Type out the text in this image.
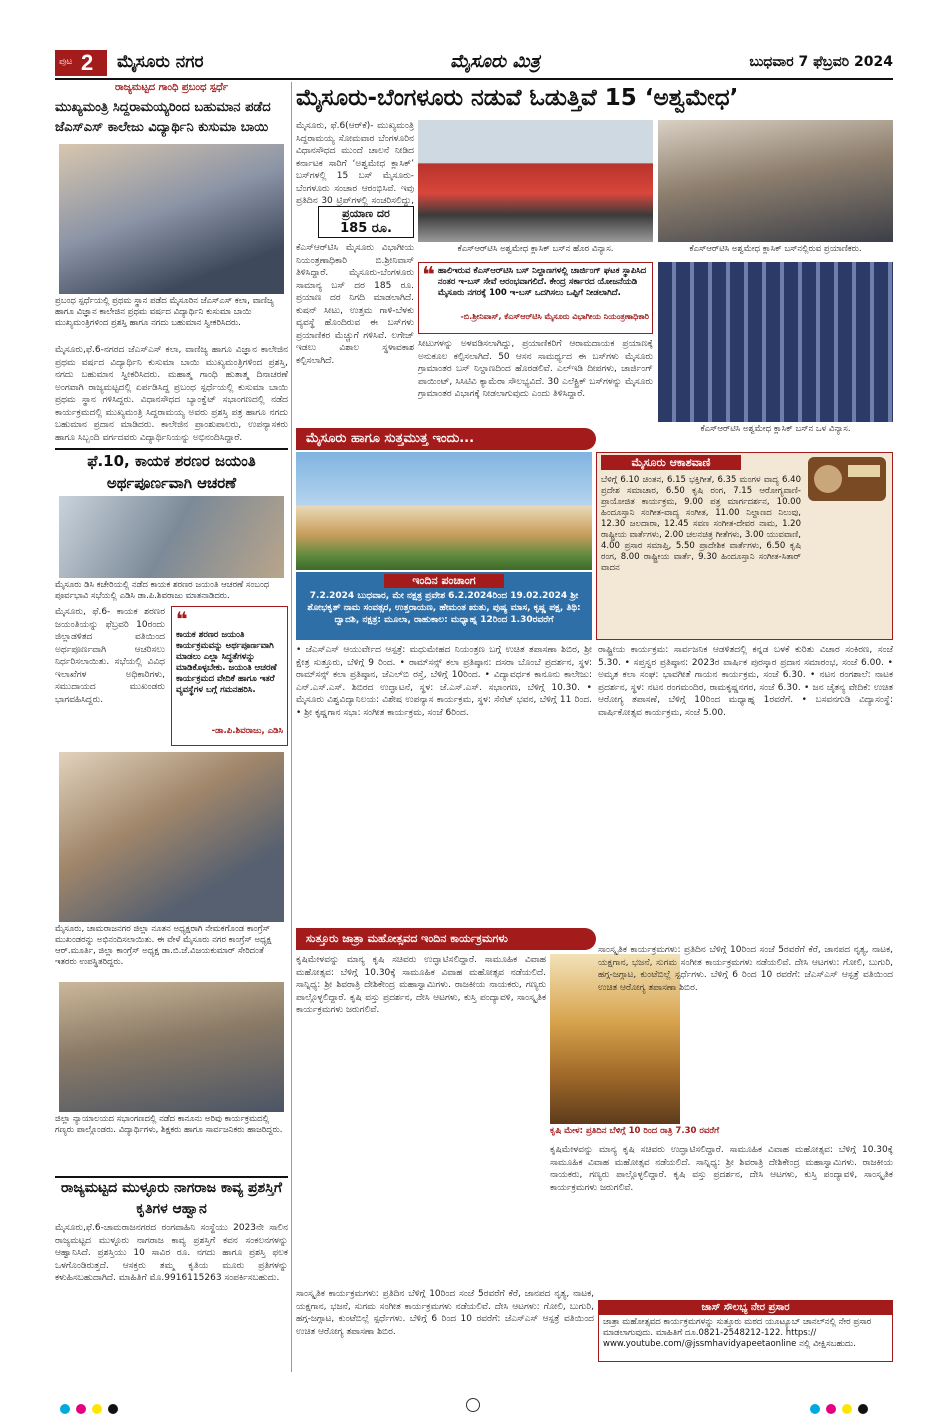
ಪುಟ 2 ಮೈಸೂರು ನಗರ	ಮೈಸೂರು ಮಿತ್ರ	ಬುಧವಾರ 7 ಫೆಬ್ರವರಿ 2024
ರಾಜ್ಯಮಟ್ಟದ ಗಾಂಧಿ ಪ್ರಬಂಧ ಸ್ಪರ್ಧೆ
ಮುಖ್ಯಮಂತ್ರಿ ಸಿದ್ದರಾಮಯ್ಯರಿಂದ ಬಹುಮಾನ ಪಡೆದ ಜೆಎಸ್‌ಎಸ್ ಕಾಲೇಜು ವಿದ್ಯಾರ್ಥಿನಿ ಕುಸುಮಾ ಬಾಯಿ
ಪ್ರಬಂಧ ಸ್ಪರ್ಧೆಯಲ್ಲಿ ಪ್ರಥಮ ಸ್ಥಾನ ಪಡೆದ ಮೈಸೂರಿನ ಜೆಎಸ್‌ಎಸ್ ಕಲಾ, ವಾಣಿಜ್ಯ ಹಾಗೂ ವಿಜ್ಞಾನ ಕಾಲೇಜಿನ ಪ್ರಥಮ ವರ್ಷದ ವಿದ್ಯಾರ್ಥಿನಿ ಕುಸುಮಾ ಬಾಯಿ ಮುಖ್ಯಮಂತ್ರಿಗಳಿಂದ ಪ್ರಶಸ್ತಿ ಹಾಗೂ ನಗದು ಬಹುಮಾನ ಸ್ವೀಕರಿಸಿದರು.
ಮೈಸೂರು,ಫೆ.6-ನಗರದ ಜೆಎಸ್‌ಎಸ್ ಕಲಾ, ವಾಣಿಜ್ಯ ಹಾಗೂ ವಿಜ್ಞಾನ ಕಾಲೇಜಿನ ಪ್ರಥಮ ವರ್ಷದ ವಿದ್ಯಾರ್ಥಿನಿ ಕುಸುಮಾ ಬಾಯಿ ಮುಖ್ಯಮಂತ್ರಿಗಳಿಂದ ಪ್ರಶಸ್ತಿ, ನಗದು ಬಹುಮಾನ ಸ್ವೀಕರಿಸಿದರು. ಮಹಾತ್ಮ ಗಾಂಧಿ ಹುತಾತ್ಮ ದಿನಾಚರಣೆ ಅಂಗವಾಗಿ ರಾಜ್ಯಮಟ್ಟದಲ್ಲಿ ಏರ್ಪಡಿಸಿದ್ದ ಪ್ರಬಂಧ ಸ್ಪರ್ಧೆಯಲ್ಲಿ ಕುಸುಮಾ ಬಾಯಿ ಪ್ರಥಮ ಸ್ಥಾನ ಗಳಿಸಿದ್ದರು. ವಿಧಾನಸೌಧದ ಬ್ಯಾಂಕ್ವೆಟ್ ಸಭಾಂಗಣದಲ್ಲಿ ನಡೆದ ಕಾರ್ಯಕ್ರಮದಲ್ಲಿ ಮುಖ್ಯಮಂತ್ರಿ ಸಿದ್ದರಾಮಯ್ಯ ಅವರು ಪ್ರಶಸ್ತಿ ಪತ್ರ ಹಾಗೂ ನಗದು ಬಹುಮಾನ ಪ್ರದಾನ ಮಾಡಿದರು. ಕಾಲೇಜಿನ ಪ್ರಾಂಶುಪಾಲರು, ಉಪನ್ಯಾಸಕರು ಹಾಗೂ ಸಿಬ್ಬಂದಿ ವರ್ಗದವರು ವಿದ್ಯಾರ್ಥಿನಿಯನ್ನು ಅಭಿನಂದಿಸಿದ್ದಾರೆ.
ಫೆ.10, ಕಾಯಕ ಶರಣರ ಜಯಂತಿ ಅರ್ಥಪೂರ್ಣವಾಗಿ ಆಚರಣೆ
ಮೈಸೂರು ಡಿಸಿ ಕಚೇರಿಯಲ್ಲಿ ನಡೆದ ಕಾಯಕ ಶರಣರ ಜಯಂತಿ ಆಚರಣೆ ಸಂಬಂಧ ಪೂರ್ವಭಾವಿ ಸಭೆಯಲ್ಲಿ ಎಡಿಸಿ ಡಾ.ಪಿ.ಶಿವರಾಜು ಮಾತನಾಡಿದರು.
ಮೈಸೂರು, ಫೆ.6- ಕಾಯಕ ಶರಣರ ಜಯಂತಿಯನ್ನು ಫೆಬ್ರವರಿ 10ರಂದು ಜಿಲ್ಲಾಡಳಿತದ ವತಿಯಿಂದ ಅರ್ಥಪೂರ್ಣವಾಗಿ ಆಚರಿಸಲು ನಿರ್ಧರಿಸಲಾಯಿತು. ಸಭೆಯಲ್ಲಿ ವಿವಿಧ ಇಲಾಖೆಗಳ ಅಧಿಕಾರಿಗಳು, ಸಮುದಾಯದ ಮುಖಂಡರು ಭಾಗವಹಿಸಿದ್ದರು.
❝
ಕಾಯಕ ಶರಣರ ಜಯಂತಿ ಕಾರ್ಯಕ್ರಮವನ್ನು ಅರ್ಥಪೂರ್ಣವಾಗಿ ಮಾಡಲು ಎಲ್ಲಾ ಸಿದ್ಧತೆಗಳನ್ನು ಮಾಡಿಕೊಳ್ಳಬೇಕು. ಜಯಂತಿ ಆಚರಣೆ ಕಾರ್ಯಕ್ರಮದ ವೇದಿಕೆ ಹಾಗೂ ಇತರೆ ವ್ಯವಸ್ಥೆಗಳ ಬಗ್ಗೆ ಗಮನಹರಿಸಿ.
-ಡಾ.ಪಿ.ಶಿವರಾಜು, ಎಡಿಸಿ
ಮೈಸೂರು, ಚಾಮರಾಜನಗರ ಜಿಲ್ಲಾ ನೂತನ ಅಧ್ಯಕ್ಷರಾಗಿ ನೇಮಕಗೊಂಡ ಕಾಂಗ್ರೆಸ್ ಮುಖಂಡರನ್ನು ಅಭಿನಂದಿಸಲಾಯಿತು. ಈ ವೇಳೆ ಮೈಸೂರು ನಗರ ಕಾಂಗ್ರೆಸ್ ಅಧ್ಯಕ್ಷ ಆರ್.ಮೂರ್ತಿ, ಜಿಲ್ಲಾ ಕಾಂಗ್ರೆಸ್ ಅಧ್ಯಕ್ಷ ಡಾ.ಬಿ.ಜೆ.ವಿಜಯಕುಮಾರ್ ಸೇರಿದಂತೆ ಇತರರು ಉಪಸ್ಥಿತರಿದ್ದರು.
ಜಿಲ್ಲಾ ನ್ಯಾಯಾಲಯದ ಸಭಾಂಗಣದಲ್ಲಿ ನಡೆದ ಕಾನೂನು ಅರಿವು ಕಾರ್ಯಕ್ರಮದಲ್ಲಿ ಗಣ್ಯರು ಪಾಲ್ಗೊಂಡರು. ವಿದ್ಯಾರ್ಥಿಗಳು, ಶಿಕ್ಷಕರು ಹಾಗೂ ಸಾರ್ವಜನಿಕರು ಹಾಜರಿದ್ದರು.
ರಾಜ್ಯಮಟ್ಟದ ಮುಳ್ಳೂರು ನಾಗರಾಜ ಕಾವ್ಯ ಪ್ರಶಸ್ತಿಗೆ ಕೃತಿಗಳ ಆಹ್ವಾನ
ಮೈಸೂರು,ಫೆ.6-ಚಾಮರಾಜನಗರದ ರಂಗವಾಹಿನಿ ಸಂಸ್ಥೆಯು 2023ನೇ ಸಾಲಿನ ರಾಜ್ಯಮಟ್ಟದ ಮುಳ್ಳೂರು ನಾಗರಾಜ ಕಾವ್ಯ ಪ್ರಶಸ್ತಿಗೆ ಕವನ ಸಂಕಲನಗಳನ್ನು ಆಹ್ವಾನಿಸಿದೆ. ಪ್ರಶಸ್ತಿಯು 10 ಸಾವಿರ ರೂ. ನಗದು ಹಾಗೂ ಪ್ರಶಸ್ತಿ ಫಲಕ ಒಳಗೊಂಡಿರುತ್ತದೆ. ಆಸಕ್ತರು ತಮ್ಮ ಕೃತಿಯ ಮೂರು ಪ್ರತಿಗಳನ್ನು ಕಳುಹಿಸಬಹುದಾಗಿದೆ. ಮಾಹಿತಿಗೆ ಮೊ.9916115263 ಸಂಪರ್ಕಿಸಬಹುದು.
ಮೈಸೂರು-ಬೆಂಗಳೂರು ನಡುವೆ ಓಡುತ್ತಿವೆ 15 ‘ಅಶ್ವಮೇಧ’
ಮೈಸೂರು, ಫೆ.6(ಆರ್‌ಕೆ)- ಮುಖ್ಯಮಂತ್ರಿ ಸಿದ್ದರಾಮಯ್ಯ ಸೋಮವಾರ ಬೆಂಗಳೂರಿನ ವಿಧಾನಸೌಧದ ಮುಂದೆ ಚಾಲನೆ ನೀಡಿದ ಕರ್ನಾಟಕ ಸಾರಿಗೆ ‘ಅಶ್ವಮೇಧ ಕ್ಲಾಸಿಕ್’ ಬಸ್‌ಗಳಲ್ಲಿ 15 ಬಸ್ ಮೈಸೂರು-ಬೆಂಗಳೂರು ಸಂಚಾರ ಆರಂಭಿಸಿವೆ. ಇವು ಪ್ರತಿದಿನ 30 ಟ್ರಿಪ್‌ಗಳಲ್ಲಿ ಸಂಚರಿಸಲಿದ್ದು,
ಪ್ರಯಾಣ ದರ
185 ರೂ.
ಕೆಎಸ್ಆರ್‌ಟಿಸಿ ಮೈಸೂರು ವಿಭಾಗೀಯ ನಿಯಂತ್ರಣಾಧಿಕಾರಿ ಬಿ.ಶ್ರೀನಿವಾಸ್ ತಿಳಿಸಿದ್ದಾರೆ. ಮೈಸೂರು-ಬೆಂಗಳೂರು ಸಾಮಾನ್ಯ ಬಸ್ ದರ 185 ರೂ. ಪ್ರಯಾಣ ದರ ನಿಗದಿ ಮಾಡಲಾಗಿದೆ. ಕುಷನ್ ಸೀಟು, ಉತ್ತಮ ಗಾಳಿ-ಬೆಳಕು ವ್ಯವಸ್ಥೆ ಹೊಂದಿರುವ ಈ ಬಸ್‌ಗಳು ಪ್ರಯಾಣಿಕರ ಮೆಚ್ಚುಗೆ ಗಳಿಸಿವೆ. ಲಗೇಜ್ ಇಡಲು ವಿಶಾಲ ಸ್ಥಳಾವಕಾಶ ಕಲ್ಪಿಸಲಾಗಿದೆ.
ಕೆಎಸ್‌ಆರ್‌ಟಿಸಿ ಅಶ್ವಮೇಧ ಕ್ಲಾಸಿಕ್ ಬಸ್‌ನ ಹೊರ ವಿನ್ಯಾಸ.	ಕೆಎಸ್‌ಆರ್‌ಟಿಸಿ ಅಶ್ವಮೇಧ ಕ್ಲಾಸಿಕ್ ಬಸ್‌ನಲ್ಲಿರುವ ಪ್ರಯಾಣಿಕರು.
❝ ಹಾಲಿಇರುವ ಕೆಎಸ್‌ಆರ್‌ಟಿಸಿ ಬಸ್ ನಿಲ್ದಾಣಗಳಲ್ಲಿ ಚಾರ್ಜಿಂಗ್ ಘಟಕ ಸ್ಥಾಪಿಸಿದ ನಂತರ ಇ-ಬಸ್ ಸೇವೆ ಆರಂಭವಾಗಲಿದೆ. ಕೇಂದ್ರ ಸರ್ಕಾರದ ಯೋಜನೆಯಡಿ ಮೈಸೂರು ನಗರಕ್ಕೆ 100 ಇ-ಬಸ್ ಒದಗಿಸಲು ಒಪ್ಪಿಗೆ ನೀಡಲಾಗಿದೆ.
-ಬಿ.ಶ್ರೀನಿವಾಸ್, ಕೆಎಸ್‌ಆರ್‌ಟಿಸಿ ಮೈಸೂರು ವಿಭಾಗೀಯ ನಿಯಂತ್ರಣಾಧಿಕಾರಿ
ಸೀಟುಗಳನ್ನು ಅಳವಡಿಸಲಾಗಿದ್ದು, ಪ್ರಯಾಣಿಕರಿಗೆ ಆರಾಮದಾಯಕ ಪ್ರಯಾಣಕ್ಕೆ ಅನುಕೂಲ ಕಲ್ಪಿಸಲಾಗಿದೆ. 50 ಆಸನ ಸಾಮರ್ಥ್ಯದ ಈ ಬಸ್‌ಗಳು ಮೈಸೂರು ಗ್ರಾಮಾಂತರ ಬಸ್ ನಿಲ್ದಾಣದಿಂದ ಹೊರಡಲಿವೆ. ಎಲ್‌ಇಡಿ ದೀಪಗಳು, ಚಾರ್ಜಿಂಗ್ ಪಾಯಿಂಟ್, ಸಿಸಿಟಿವಿ ಕ್ಯಾಮೆರಾ ಸೌಲಭ್ಯವಿದೆ. 30 ಎಲೆಕ್ಟ್ರಿಕ್ ಬಸ್‌ಗಳನ್ನು ಮೈಸೂರು ಗ್ರಾಮಾಂತರ ವಿಭಾಗಕ್ಕೆ ನೀಡಲಾಗುವುದು ಎಂದು ತಿಳಿಸಿದ್ದಾರೆ.
ಕೆಎಸ್‌ಆರ್‌ಟಿಸಿ ಅಶ್ವಮೇಧ ಕ್ಲಾಸಿಕ್ ಬಸ್‌ನ ಒಳ ವಿನ್ಯಾಸ.
ಮೈಸೂರು ಹಾಗೂ ಸುತ್ತಮುತ್ತ ಇಂದು...
ಇಂದಿನ ಪಂಚಾಂಗ
7.2.2024 ಬುಧವಾರ, ಮೇ ನಕ್ಷತ್ರ ಪ್ರವೇಶ 6.2.2024ರಿಂದ 19.02.2024 ಶ್ರೀ ಶೋಭಕೃತ್ ನಾಮ ಸಂವತ್ಸರ, ಉತ್ತರಾಯಣ, ಹೇಮಂತ ಋತು, ಪುಷ್ಯ ಮಾಸ, ಕೃಷ್ಣ ಪಕ್ಷ, ತಿಥಿ: ದ್ವಾದಶಿ, ನಕ್ಷತ್ರ: ಮೂಲಾ, ರಾಹುಕಾಲ: ಮಧ್ಯಾಹ್ನ 12ರಿಂದ 1.30ರವರೆಗೆ
ಮೈಸೂರು ಆಕಾಶವಾಣಿ
ಬೆಳಿಗ್ಗೆ 6.10 ಚಿಂತನ, 6.15 ಭಕ್ತಿಗೀತೆ, 6.35 ಮಂಗಳ ವಾದ್ಯ 6.40 ಪ್ರದೇಶ ಸಮಾಚಾರ, 6.50 ಕೃಷಿ ರಂಗ, 7.15 ಆರೋಗ್ಯವಾಣಿ-ಪ್ರಾಯೋಜಿತ ಕಾರ್ಯಕ್ರಮ, 9.00 ಪತ್ರ ಮಾರ್ಗದರ್ಶನ, 10.00 ಹಿಂದೂಸ್ತಾನಿ ಸಂಗೀತ-ವಾದ್ಯ ಸಂಗೀತ, 11.00 ನಿಲ್ದಾಣದ ನಿಲುವು, 12.30 ಜಲದಾರಾ, 12.45 ಸವಣ ಸಂಗೀತ-ದೇವರ ನಾಮ, 1.20 ರಾಷ್ಟ್ರೀಯ ವಾರ್ತೆಗಳು, 2.00 ಚಲನಚಿತ್ರ ಗೀತೆಗಳು, 3.00 ಯುವವಾಣಿ, 4.00 ಪ್ರಸಾರ ಸಮಾಪ್ತಿ, 5.50 ಪ್ರಾದೇಶಿಕ ವಾರ್ತೆಗಳು, 6.50 ಕೃಷಿ ರಂಗ, 8.00 ರಾಷ್ಟ್ರೀಯ ವಾರ್ತೆ, 9.30 ಹಿಂದೂಸ್ತಾನಿ ಸಂಗೀತ-ಸಿತಾರ್ ವಾದನ
• ಜೆಎಸ್‌ಎಸ್ ಆಯುರ್ವೇದ ಆಸ್ಪತ್ರೆ: ಮಧುಮೇಹದ ನಿಯಂತ್ರಣ ಬಗ್ಗೆ ಉಚಿತ ತಪಾಸಣಾ ಶಿಬಿರ, ಶ್ರೀ ಕ್ಷೇತ್ರ ಸುತ್ತೂರು, ಬೆಳಿಗ್ಗೆ 9 ರಿಂದ. • ರಾಮ್‌ಸನ್ಸ್ ಕಲಾ ಪ್ರತಿಷ್ಠಾನ: ದಸರಾ ಬೊಂಬೆ ಪ್ರದರ್ಶನ, ಸ್ಥಳ: ರಾಮ್‌ಸನ್ಸ್ ಕಲಾ ಪ್ರತಿಷ್ಠಾನ, ಜೆಎಲ್‌ಬಿ ರಸ್ತೆ, ಬೆಳಿಗ್ಗೆ 10ರಿಂದ. • ವಿದ್ಯಾವರ್ಧಕ ಕಾನೂನು ಕಾಲೇಜು: ಎನ್.ಎಸ್.ಎಸ್. ಶಿಬಿರದ ಉದ್ಘಾಟನೆ, ಸ್ಥಳ: ಜೆ.ಎಸ್.ಎಸ್. ಸಭಾಂಗಣ, ಬೆಳಿಗ್ಗೆ 10.30. • ಮೈಸೂರು ವಿಶ್ವವಿದ್ಯಾನಿಲಯ: ವಿಶೇಷ ಉಪನ್ಯಾಸ ಕಾರ್ಯಕ್ರಮ, ಸ್ಥಳ: ಸೆನೆಟ್ ಭವನ, ಬೆಳಿಗ್ಗೆ 11 ರಿಂದ. • ಶ್ರೀ ಕೃಷ್ಣಗಾನ ಸಭಾ: ಸಂಗೀತ ಕಾರ್ಯಕ್ರಮ, ಸಂಜೆ 6ರಿಂದ.
ರಾಷ್ಟ್ರೀಯ ಕಾರ್ಯಕ್ರಮ: ಸಾರ್ವಜನಿಕ ಆಡಳಿತದಲ್ಲಿ ಕನ್ನಡ ಬಳಕೆ ಕುರಿತು ವಿಚಾರ ಸಂಕಿರಣ, ಸಂಜೆ 5.30. • ಸಪ್ತಸ್ವರ ಪ್ರತಿಷ್ಠಾನ: 2023ರ ವಾರ್ಷಿಕ ಪುರಸ್ಕಾರ ಪ್ರದಾನ ಸಮಾರಂಭ, ಸಂಜೆ 6.00. • ಅಮೃತ ಕಲಾ ಸಂಘ: ಭಾವಗೀತೆ ಗಾಯನ ಕಾರ್ಯಕ್ರಮ, ಸಂಜೆ 6.30. • ನಟನ ರಂಗಶಾಲೆ: ನಾಟಕ ಪ್ರದರ್ಶನ, ಸ್ಥಳ: ನಟನ ರಂಗಮಂದಿರ, ರಾಮಕೃಷ್ಣನಗರ, ಸಂಜೆ 6.30. • ಜನ ಚೈತನ್ಯ ವೇದಿಕೆ: ಉಚಿತ ಆರೋಗ್ಯ ತಪಾಸಣೆ, ಬೆಳಿಗ್ಗೆ 10ರಿಂದ ಮಧ್ಯಾಹ್ನ 1ರವರೆಗೆ. • ಬಸವನಗುಡಿ ವಿದ್ಯಾಸಂಸ್ಥೆ: ವಾರ್ಷಿಕೋತ್ಸವ ಕಾರ್ಯಕ್ರಮ, ಸಂಜೆ 5.00.
ಸುತ್ತೂರು ಜಾತ್ರಾ ಮಹೋತ್ಸವದ ಇಂದಿನ ಕಾರ್ಯಕ್ರಮಗಳು
ಕೃಷಿಮೇಳವನ್ನು ಮಾನ್ಯ ಕೃಷಿ ಸಚಿವರು ಉದ್ಘಾಟಿಸಲಿದ್ದಾರೆ. ಸಾಮೂಹಿಕ ವಿವಾಹ ಮಹೋತ್ಸವ: ಬೆಳಿಗ್ಗೆ 10.30ಕ್ಕೆ ಸಾಮೂಹಿಕ ವಿವಾಹ ಮಹೋತ್ಸವ ನಡೆಯಲಿದೆ. ಸಾನ್ನಿಧ್ಯ: ಶ್ರೀ ಶಿವರಾತ್ರಿ ದೇಶಿಕೇಂದ್ರ ಮಹಾಸ್ವಾಮಿಗಳು. ರಾಜಕೀಯ ನಾಯಕರು, ಗಣ್ಯರು ಪಾಲ್ಗೊಳ್ಳಲಿದ್ದಾರೆ. ಕೃಷಿ ವಸ್ತು ಪ್ರದರ್ಶನ, ದೇಸಿ ಆಟಗಳು, ಕುಸ್ತಿ ಪಂದ್ಯಾವಳಿ, ಸಾಂಸ್ಕೃತಿಕ ಕಾರ್ಯಕ್ರಮಗಳು ಜರುಗಲಿವೆ.
ಕೃಷಿ ಮೇಳ: ಪ್ರತಿದಿನ ಬೆಳಿಗ್ಗೆ 10 ರಿಂದ ರಾತ್ರಿ 7.30 ರವರೆಗೆ
ಸಾಂಸ್ಕೃತಿಕ ಕಾರ್ಯಕ್ರಮಗಳು: ಪ್ರತಿದಿನ ಬೆಳಿಗ್ಗೆ 10ರಿಂದ ಸಂಜೆ 5ರವರೆಗೆ ಕೆರೆ, ಜಾನಪದ ನೃತ್ಯ, ನಾಟಕ, ಯಕ್ಷಗಾನ, ಭಜನೆ, ಸುಗಮ ಸಂಗೀತ ಕಾರ್ಯಕ್ರಮಗಳು ನಡೆಯಲಿವೆ. ದೇಸಿ ಆಟಗಳು: ಗೋಲಿ, ಬುಗುರಿ, ಹಗ್ಗ-ಜಗ್ಗಾಟ, ಕುಂಟೆಬಿಲ್ಲೆ ಸ್ಪರ್ಧೆಗಳು. ಬೆಳಿಗ್ಗೆ 6 ರಿಂದ 10 ರವರೆಗೆ: ಜೆಎಸ್‌ಎಸ್ ಆಸ್ಪತ್ರೆ ವತಿಯಿಂದ ಉಚಿತ ಆರೋಗ್ಯ ತಪಾಸಣಾ ಶಿಬಿರ.
ಕೃಷಿಮೇಳವನ್ನು ಮಾನ್ಯ ಕೃಷಿ ಸಚಿವರು ಉದ್ಘಾಟಿಸಲಿದ್ದಾರೆ. ಸಾಮೂಹಿಕ ವಿವಾಹ ಮಹೋತ್ಸವ: ಬೆಳಿಗ್ಗೆ 10.30ಕ್ಕೆ ಸಾಮೂಹಿಕ ವಿವಾಹ ಮಹೋತ್ಸವ ನಡೆಯಲಿದೆ. ಸಾನ್ನಿಧ್ಯ: ಶ್ರೀ ಶಿವರಾತ್ರಿ ದೇಶಿಕೇಂದ್ರ ಮಹಾಸ್ವಾಮಿಗಳು. ರಾಜಕೀಯ ನಾಯಕರು, ಗಣ್ಯರು ಪಾಲ್ಗೊಳ್ಳಲಿದ್ದಾರೆ. ಕೃಷಿ ವಸ್ತು ಪ್ರದರ್ಶನ, ದೇಸಿ ಆಟಗಳು, ಕುಸ್ತಿ ಪಂದ್ಯಾವಳಿ, ಸಾಂಸ್ಕೃತಿಕ ಕಾರ್ಯಕ್ರಮಗಳು ಜರುಗಲಿವೆ.
ಜಾಸ್ ಸೌಲಭ್ಯ ನೇರ ಪ್ರಸಾರ
ಜಾತ್ರಾ ಮಹೋತ್ಸವದ ಕಾರ್ಯಕ್ರಮಗಳನ್ನು ಸುತ್ತೂರು ಮಠದ ಯೂಟ್ಯೂಬ್ ಚಾನಲ್‌ನಲ್ಲಿ ನೇರ ಪ್ರಸಾರ ಮಾಡಲಾಗುವುದು. ಮಾಹಿತಿಗೆ ದೂ.0821-2548212-122. https:// www.youtube.com/@jssmhavidyapeetaonline ನಲ್ಲಿ ವೀಕ್ಷಿಸಬಹುದು.
ಸಾಂಸ್ಕೃತಿಕ ಕಾರ್ಯಕ್ರಮಗಳು: ಪ್ರತಿದಿನ ಬೆಳಿಗ್ಗೆ 10ರಿಂದ ಸಂಜೆ 5ರವರೆಗೆ ಕೆರೆ, ಜಾನಪದ ನೃತ್ಯ, ನಾಟಕ, ಯಕ್ಷಗಾನ, ಭಜನೆ, ಸುಗಮ ಸಂಗೀತ ಕಾರ್ಯಕ್ರಮಗಳು ನಡೆಯಲಿವೆ. ದೇಸಿ ಆಟಗಳು: ಗೋಲಿ, ಬುಗುರಿ, ಹಗ್ಗ-ಜಗ್ಗಾಟ, ಕುಂಟೆಬಿಲ್ಲೆ ಸ್ಪರ್ಧೆಗಳು. ಬೆಳಿಗ್ಗೆ 6 ರಿಂದ 10 ರವರೆಗೆ: ಜೆಎಸ್‌ಎಸ್ ಆಸ್ಪತ್ರೆ ವತಿಯಿಂದ ಉಚಿತ ಆರೋಗ್ಯ ತಪಾಸಣಾ ಶಿಬಿರ.
